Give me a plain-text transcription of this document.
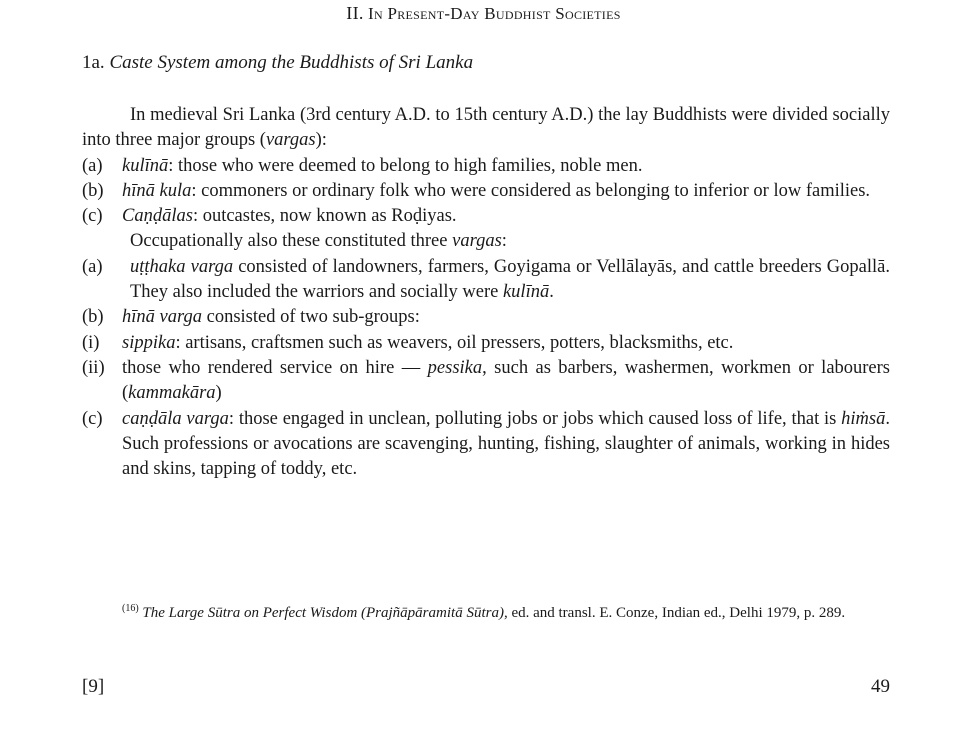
II. In Present-Day Buddhist Societies
1a. Caste System among the Buddhists of Sri Lanka

In medieval Sri Lanka (3rd century A.D. to 15th century A.D.) the lay Buddhists were divided socially into three major groups (vargas):

(a) kulīnā: those who were deemed to belong to high families, noble men.

(b) hīnā kula: commoners or ordinary folk who were considered as belonging to inferior or low families.

(c) Caṇḍālas: outcastes, now known as Roḍiyas.

Occupationally also these constituted three vargas:

(a) uṭṭhaka varga consisted of landowners, farmers, Goyigama or Vellālayās, and cattle breeders Gopallā. They also included the warriors and socially were kulīnā.

(b) hīnā varga consisted of two sub-groups:

(i) sippika: artisans, craftsmen such as weavers, oil pressers, potters, blacksmiths, etc.

(ii) those who rendered service on hire — pessika, such as barbers, washermen, workmen or labourers (kammakāra)

(c) caṇḍāla varga: those engaged in unclean, polluting jobs or jobs which caused loss of life, that is hiṁsā. Such professions or avocations are scavenging, hunting, fishing, slaughter of animals, working in hides and skins, tapping of toddy, etc.

$^{(16)}$ The Large Sūtra on Perfect Wisdom (Prajñāpāramitā Sūtra), ed. and transl. E. Conze, Indian ed., Delhi 1979, p. 289.
[9]	49
